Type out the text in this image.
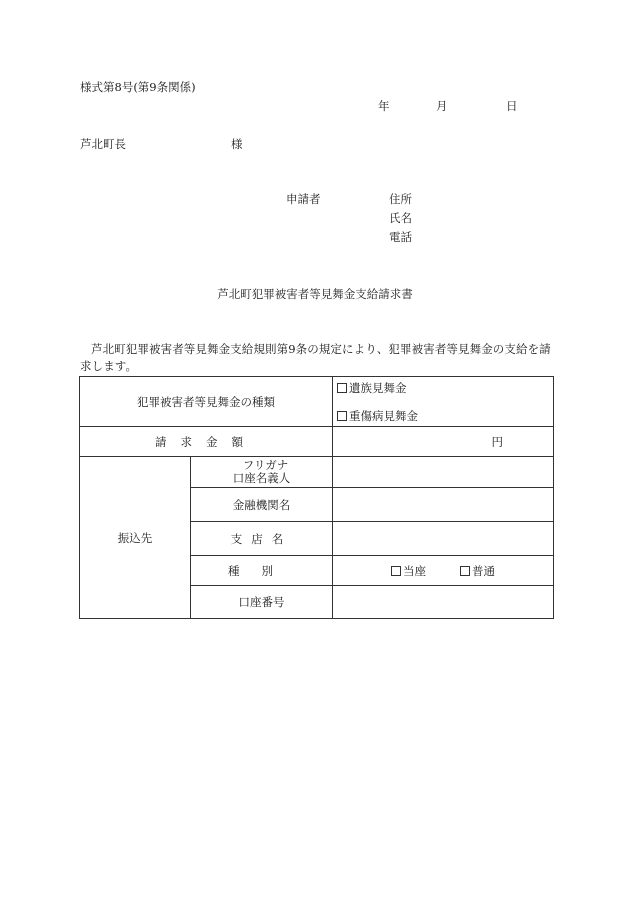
様式第8号(第9条関係)
年	月	日
芦北町長	様
申請者	住所
氏名
電話
芦北町犯罪被害者等見舞金支給請求書
芦北町犯罪被害者等見舞金支給規則第9条の規定により、犯罪被害者等見舞金の支給を請求します。
犯罪被害者等見舞金の種類		遺族見舞金
重傷病見舞金

請求金額		円
振込先	フリガナ
口座名義人	

	金融機関名	
	支店名	
	種別	当座 普通
	口座番号	
